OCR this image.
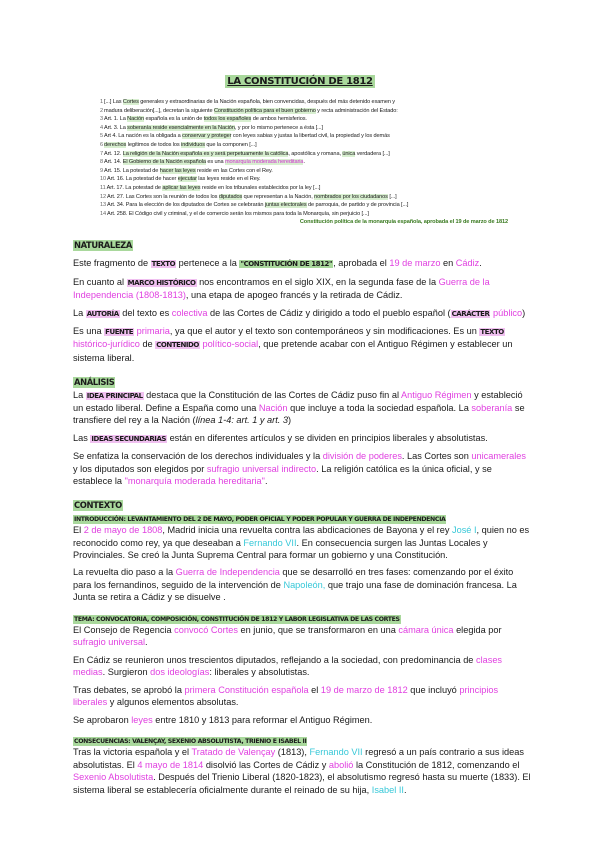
LA CONSTITUCIÓN DE 1812
1[...] Las Cortes generales y extraordinarias de la Nación española, bien convencidas, después del más detenido examen y
2madura deliberación[...], decretan la siguiente Constitución política para el buen gobierno y recta administración del Estado:
3Art. 1. La Nación española es la unión de todos los españoles de ambos hemisferios.
4Art. 3. La soberanía reside esencialmente en la Nación, y por lo mismo pertenece a ésta [...]
5Art 4. La nación es la obligada a conservar y proteger con leyes sabias y justas la libertad civil, la propiedad y los demás
6derechos legítimos de todos los individuos que la componen [...]
7Art. 12. La religión de la Nación española es y será perpetuamente la católica, apostólica y romana, única verdadera [...]
8Art. 14. El Gobierno de la Nación española es una monarquía moderada hereditaria.
9Art. 15. La potestad de hacer las leyes reside en las Cortes con el Rey.
10Art. 16. La potestad de hacer ejecutar las leyes reside en el Rey.
11Art. 17. La potestad de aplicar las leyes reside en los tribunales establecidos por la ley [...]
12Art. 27. Las Cortes son la reunión de todos los diputados que representan a la Nación, nombrados por los ciudadanos [...]
13Art. 34. Para la elección de los diputados de Cortes se celebrarán juntas electorales de parroquia, de partido y de provincia [...]
14Art. 258. El Código civil y criminal, y el de comercio serán los mismos para toda la Monarquía, sin perjuicio [...]
Constitución política de la monarquía española, aprobada el 19 de marzo de 1812
NATURALEZA

Este fragmento de TEXTO pertenece a la "CONSTITUCIÓN DE 1812", aprobada el 19 de marzo en Cádiz.

En cuanto al MARCO HISTÓRICO nos encontramos en el siglo XIX, en la segunda fase de la Guerra de la Independencia (1808-1813), una etapa de apogeo francés y la retirada de Cádiz.

La AUTORÍA del texto es colectiva de las Cortes de Cádiz y dirigido a todo el pueblo español (CARÁCTER público)

Es una FUENTE primaria, ya que el autor y el texto son contemporáneos y sin modificaciones. Es un TEXTO histórico-jurídico de CONTENIDO político-social, que pretende acabar con el Antiguo Régimen y establecer un sistema liberal.

ANÁLISIS

La IDEA PRINCIPAL destaca que la Constitución de las Cortes de Cádiz puso fin al Antiguo Régimen y estableció un estado liberal. Define a España como una Nación que incluye a toda la sociedad española. La soberanía se transfiere del rey a la Nación (línea 1-4: art. 1 y art. 3)

Las IDEAS SECUNDARIAS están en diferentes artículos y se dividen en principios liberales y absolutistas.

Se enfatiza la conservación de los derechos individuales y la división de poderes. Las Cortes son unicamerales y los diputados son elegidos por sufragio universal indirecto. La religión católica es la única oficial, y se establece la "monarquía moderada hereditaria".

CONTEXTO
INTRODUCCIÓN: LEVANTAMIENTO DEL 2 DE MAYO, PODER OFICIAL Y PODER POPULAR Y GUERRA DE INDEPENDENCIA

El 2 de mayo de 1808, Madrid inicia una revuelta contra las abdicaciones de Bayona y el rey José I, quien no es reconocido como rey, ya que deseaban a Fernando VII. En consecuencia surgen las Juntas Locales y Provinciales. Se creó la Junta Suprema Central para formar un gobierno y una Constitución.

La revuelta dio paso a la Guerra de Independencia que se desarrolló en tres fases: comenzando por el éxito para los fernandinos, seguido de la intervención de Napoleón, que trajo una fase de dominación francesa. La Junta se retira a Cádiz y se disuelve .

TEMA: CONVOCATORIA, COMPOSICIÓN, CONSTITUCIÓN DE 1812 Y LABOR LEGISLATIVA DE LAS CORTES

El Consejo de Regencia convocó Cortes en junio, que se transformaron en una cámara única elegida por sufragio universal.

En Cádiz se reunieron unos trescientos diputados, reflejando a la sociedad, con predominancia de clases medias. Surgieron dos ideologías: liberales y absolutistas.

Tras debates, se aprobó la primera Constitución española el 19 de marzo de 1812 que incluyó principios liberales y algunos elementos absolutas.

Se aprobaron leyes entre 1810 y 1813 para reformar el Antiguo Régimen.

CONSECUENCIAS: VALENÇAY, SEXENIO ABSOLUTISTA, TRIENIO E ISABEL II

Tras la victoria española y el Tratado de Valençay (1813), Fernando VII regresó a un país contrario a sus ideas absolutistas. El 4 mayo de 1814 disolvió las Cortes de Cádiz y abolió la Constitución de 1812, comenzando el Sexenio Absolutista. Después del Trienio Liberal (1820-1823), el absolutismo regresó hasta su muerte (1833). El sistema liberal se establecería oficialmente durante el reinado de su hija, Isabel II.
